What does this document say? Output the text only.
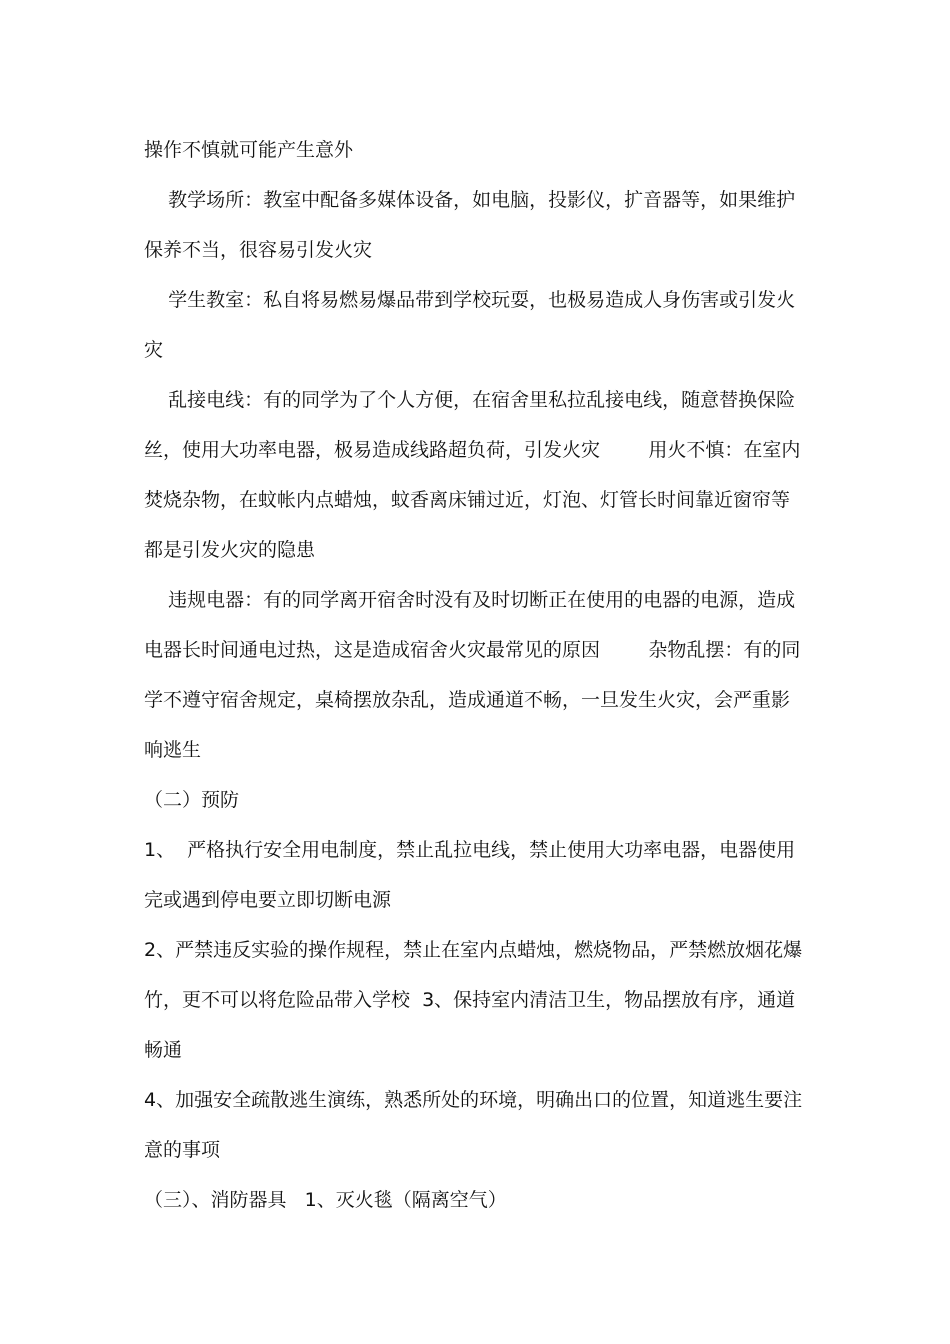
操作不慎就可能产生意外
教学场所：教室中配备多媒体设备，如电脑，投影仪，扩音器等，如果维护
保养不当，很容易引发火灾
学生教室：私自将易燃易爆品带到学校玩耍，也极易造成人身伤害或引发火
灾
乱接电线：有的同学为了个人方便，在宿舍里私拉乱接电线，随意替换保险
丝，使用大功率电器，极易造成线路超负荷，引发火灾        用火不慎：在室内
焚烧杂物，在蚊帐内点蜡烛，蚊香离床铺过近，灯泡、灯管长时间靠近窗帘等
都是引发火灾的隐患
违规电器：有的同学离开宿舍时没有及时切断正在使用的电器的电源，造成
电器长时间通电过热，这是造成宿舍火灾最常见的原因        杂物乱摆：有的同
学不遵守宿舍规定，桌椅摆放杂乱，造成通道不畅，一旦发生火灾，会严重影
响逃生
（二）预防
1、  严格执行安全用电制度，禁止乱拉电线，禁止使用大功率电器，电器使用
完或遇到停电要立即切断电源
2、严禁违反实验的操作规程，禁止在室内点蜡烛，燃烧物品，严禁燃放烟花爆
竹，更不可以将危险品带入学校  3、保持室内清洁卫生，物品摆放有序，通道
畅通
4、加强安全疏散逃生演练，熟悉所处的环境，明确出口的位置，知道逃生要注
意的事项
（三）、消防器具   1、灭火毯（隔离空气）
